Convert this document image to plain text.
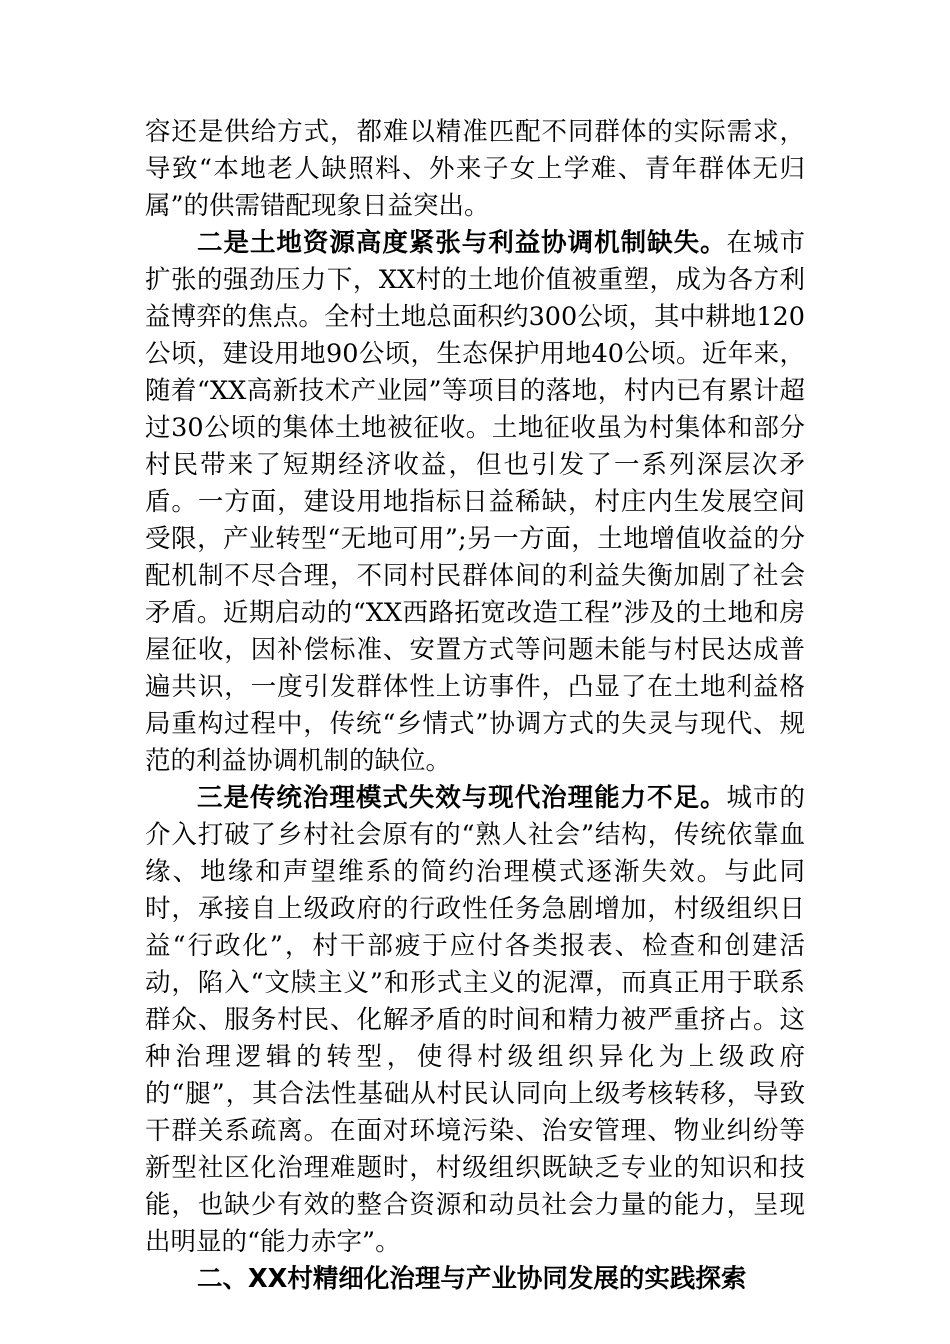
容还是供给方式，都难以精准匹配不同群体的实际需求，导致“本地老人缺照料、外来子女上学难、青年群体无归属”的供需错配现象日益突出。

二是土地资源高度紧张与利益协调机制缺失。在城市扩张的强劲压力下，XX村的土地价值被重塑，成为各方利益博弈的焦点。全村土地总面积约300公顷，其中耕地120公顷，建设用地90公顷，生态保护用地40公顷。近年来，随着“XX高新技术产业园”等项目的落地，村内已有累计超过30公顷的集体土地被征收。土地征收虽为村集体和部分村民带来了短期经济收益，但也引发了一系列深层次矛盾。一方面，建设用地指标日益稀缺，村庄内生发展空间受限，产业转型“无地可用”;另一方面，土地增值收益的分配机制不尽合理，不同村民群体间的利益失衡加剧了社会矛盾。近期启动的“XX西路拓宽改造工程”涉及的土地和房屋征收，因补偿标准、安置方式等问题未能与村民达成普遍共识，一度引发群体性上访事件，凸显了在土地利益格局重构过程中，传统“乡情式”协调方式的失灵与现代、规范的利益协调机制的缺位。

三是传统治理模式失效与现代治理能力不足。城市的介入打破了乡村社会原有的“熟人社会”结构，传统依靠血缘、地缘和声望维系的简约治理模式逐渐失效。与此同时，承接自上级政府的行政性任务急剧增加，村级组织日益“行政化”，村干部疲于应付各类报表、检查和创建活动，陷入“文牍主义”和形式主义的泥潭，而真正用于联系群众、服务村民、化解矛盾的时间和精力被严重挤占。这种治理逻辑的转型，使得村级组织异化为上级政府的“腿”，其合法性基础从村民认同向上级考核转移，导致干群关系疏离。在面对环境污染、治安管理、物业纠纷等新型社区化治理难题时，村级组织既缺乏专业的知识和技能，也缺少有效的整合资源和动员社会力量的能力，呈现出明显的“能力赤字”。

二、XX村精细化治理与产业协同发展的实践探索
